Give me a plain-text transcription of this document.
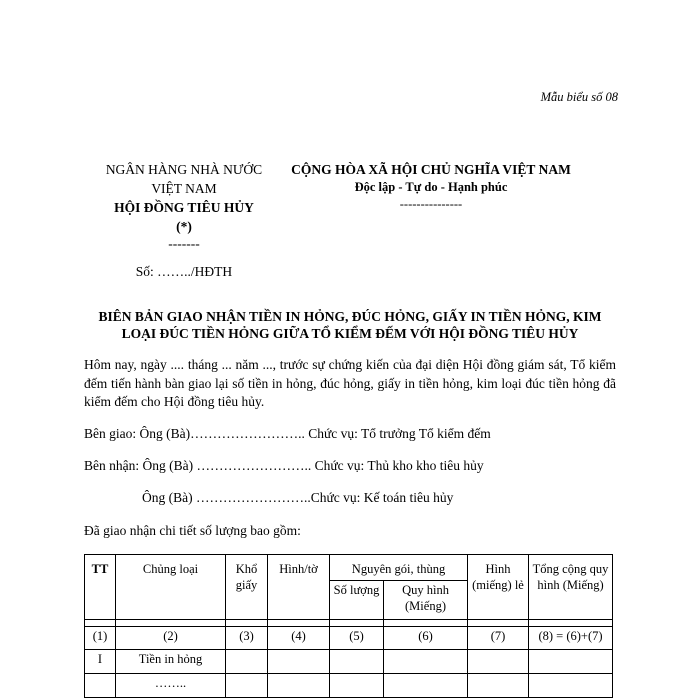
Mẫu biểu số 08
NGÂN HÀNG NHÀ NƯỚC
VIỆT NAM
HỘI ĐỒNG TIÊU HỦY
(*)
-------
Số: ……../HĐTH
CỘNG HÒA XÃ HỘI CHỦ NGHĨA VIỆT NAM
Độc lập - Tự do - Hạnh phúc
---------------
BIÊN BẢN GIAO NHẬN TIỀN IN HỎNG, ĐÚC HỎNG, GIẤY IN TIỀN HỎNG, KIM
LOẠI ĐÚC TIỀN HỎNG GIỮA TỔ KIỂM ĐẾM VỚI HỘI ĐỒNG TIÊU HỦY
Hôm nay, ngày .... tháng ... năm ..., trước sự chứng kiến của đại diện Hội đồng giám sát, Tổ kiểm đếm tiến hành bàn giao lại số tiền in hỏng, đúc hỏng, giấy in tiền hỏng, kim loại đúc tiền hỏng đã kiểm đếm cho Hội đồng tiêu hủy.
Bên giao: Ông (Bà)…………………….. Chức vụ: Tổ trưởng Tổ kiểm đếm
Bên nhận: Ông (Bà) …………………….. Chức vụ: Thủ kho kho tiêu hủy
Ông (Bà) ……………………..Chức vụ: Kế toán tiêu hủy
Đã giao nhận chi tiết số lượng bao gồm:
TT	Chủng loại	Khổ giấy	Hình/tờ	Nguyên gói, thùng		Hình (miếng) lẻ	Tổng cộng quy hình (Miếng)
				Số lượng	Quy hình (Miếng)		

(1)	(2)	(3)	(4)	(5)	(6)	(7)	(8) = (6)+(7)
I	Tiền in hỏng						
	……..						
